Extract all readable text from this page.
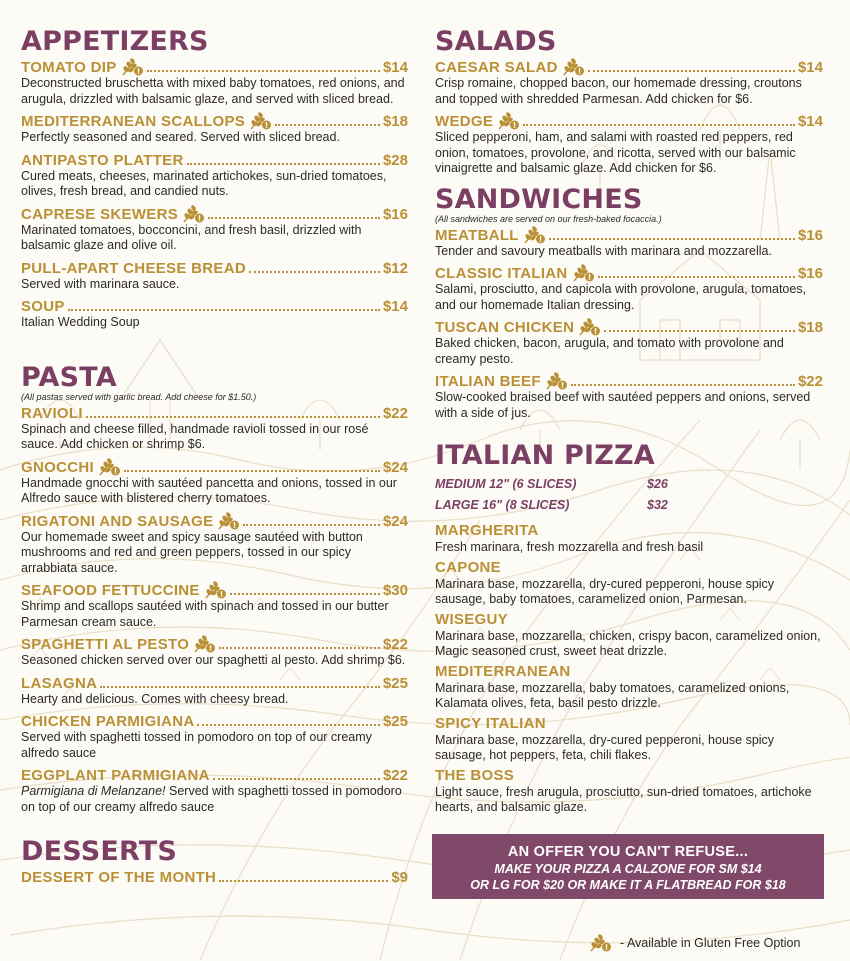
APPETIZERS
TOMATO DIP	$14
Deconstructed bruschetta with mixed baby tomatoes, red onions, and arugula, drizzled with balsamic glaze, and served with sliced bread.
MEDITERRANEAN SCALLOPS	$18
Perfectly seasoned and seared. Served with sliced bread.
ANTIPASTO PLATTER	$28
Cured meats, cheeses, marinated artichokes, sun-dried tomatoes, olives, fresh bread, and candied nuts.
CAPRESE SKEWERS	$16
Marinated tomatoes, bocconcini, and fresh basil, drizzled with balsamic glaze and olive oil.
PULL-APART CHEESE BREAD	$12
Served with marinara sauce.
SOUP	$14
Italian Wedding Soup
PASTA
(All pastas served with garlic bread. Add cheese for $1.50.)
RAVIOLI	$22
Spinach and cheese filled, handmade ravioli tossed in our rosé sauce. Add chicken or shrimp $6.
GNOCCHI	$24
Handmade gnocchi with sautéed pancetta and onions, tossed in our Alfredo sauce with blistered cherry tomatoes.
RIGATONI AND SAUSAGE	$24
Our homemade sweet and spicy sausage sautéed with button mushrooms and red and green peppers, tossed in our spicy arrabbiata sauce.
SEAFOOD FETTUCCINE	$30
Shrimp and scallops sautéed with spinach and tossed in our butter Parmesan cream sauce.
SPAGHETTI AL PESTO	$22
Seasoned chicken served over our spaghetti al pesto. Add shrimp $6.
LASAGNA	$25
Hearty and delicious. Comes with cheesy bread.
CHICKEN PARMIGIANA	$25
Served with spaghetti tossed in pomodoro on top of our creamy alfredo sauce
EGGPLANT PARMIGIANA	$22
Parmigiana di Melanzane! Served with spaghetti tossed in pomodoro on top of our creamy alfredo sauce
DESSERTS
DESSERT OF THE MONTH	$9
SALADS
CAESAR SALAD	$14
Crisp romaine, chopped bacon, our homemade dressing, croutons and topped with shredded Parmesan. Add chicken for $6.
WEDGE	$14
Sliced pepperoni, ham, and salami with roasted red peppers, red onion, tomatoes, provolone, and ricotta, served with our balsamic vinaigrette and balsamic glaze. Add chicken for $6.
SANDWICHES
(All sandwiches are served on our fresh-baked focaccia.)
MEATBALL	$16
Tender and savoury meatballs with marinara and mozzarella.
CLASSIC ITALIAN	$16
Salami, prosciutto, and capicola with provolone, arugula, tomatoes, and our homemade Italian dressing.
TUSCAN CHICKEN	$18
Baked chicken, bacon, arugula, and tomato with provolone and creamy pesto.
ITALIAN BEEF	$22
Slow-cooked braised beef with sautéed peppers and onions, served with a side of jus.
ITALIAN PIZZA
MEDIUM 12" (6 SLICES)	$26
LARGE 16" (8 SLICES)	$32
MARGHERITA
Fresh marinara, fresh mozzarella and fresh basil
CAPONE
Marinara base, mozzarella, dry-cured pepperoni, house spicy sausage, baby tomatoes, caramelized onion, Parmesan.
WISEGUY
Marinara base, mozzarella, chicken, crispy bacon, caramelized onion, Magic seasoned crust, sweet heat drizzle.
MEDITERRANEAN
Marinara base, mozzarella, baby tomatoes, caramelized onions, Kalamata olives, feta, basil pesto drizzle.
SPICY ITALIAN
Marinara base, mozzarella, dry-cured pepperoni, house spicy sausage, hot peppers, feta, chili flakes.
THE BOSS
Light sauce, fresh arugula, prosciutto, sun-dried tomatoes, artichoke hearts, and balsamic glaze.
AN OFFER YOU CAN'T REFUSE...
MAKE YOUR PIZZA A CALZONE FOR SM $14
OR LG FOR $20 OR MAKE IT A FLATBREAD FOR $18
- Available in Gluten Free Option
